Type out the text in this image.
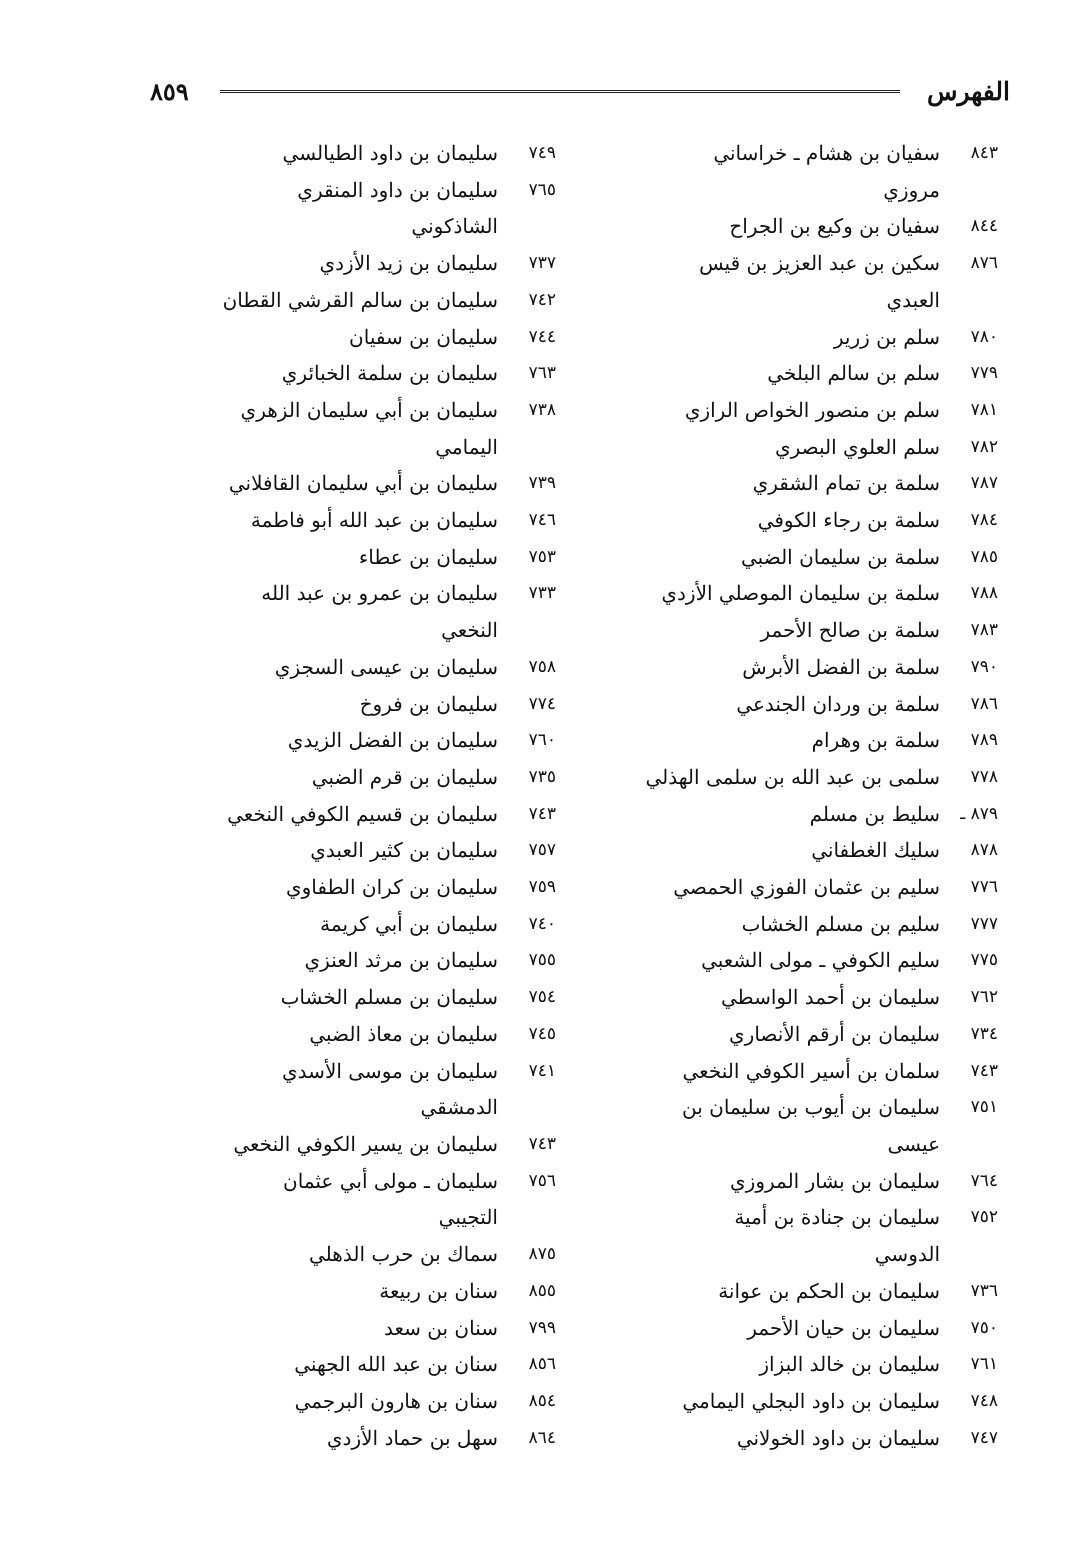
الفهرس
٨٥٩
٨٤٣
سفيان بن هشام ـ خراساني
مروزي
٨٤٤
سفيان بن وكيع بن الجراح
٨٧٦
سكين بن عبد العزيز بن قيس
العبدي
٧٨٠
سلم بن زرير
٧٧٩
سلم بن سالم البلخي
٧٨١
سلم بن منصور الخواص الرازي
٧٨٢
سلم العلوي البصري
٧٨٧
سلمة بن تمام الشقري
٧٨٤
سلمة بن رجاء الكوفي
٧٨٥
سلمة بن سليمان الضبي
٧٨٨
سلمة بن سليمان الموصلي الأزدي
٧٨٣
سلمة بن صالح الأحمر
٧٩٠
سلمة بن الفضل الأبرش
٧٨٦
سلمة بن وردان الجندعي
٧٨٩
سلمة بن وهرام
٧٧٨
سلمى بن عبد الله بن سلمى الهذلي
٨٧٩ ـ
سليط بن مسلم
٨٧٨
سليك الغطفاني
٧٧٦
سليم بن عثمان الفوزي الحمصي
٧٧٧
سليم بن مسلم الخشاب
٧٧٥
سليم الكوفي ـ مولى الشعبي
٧٦٢
سليمان بن أحمد الواسطي
٧٣٤
سليمان بن أرقم الأنصاري
٧٤٣
سلمان بن أسير الكوفي النخعي
٧٥١
سليمان بن أيوب بن سليمان بن
عيسى
٧٦٤
سليمان بن بشار المروزي
٧٥٢
سليمان بن جنادة بن أمية
الدوسي
٧٣٦
سليمان بن الحكم بن عوانة
٧٥٠
سليمان بن حيان الأحمر
٧٦١
سليمان بن خالد البزاز
٧٤٨
سليمان بن داود البجلي اليمامي
٧٤٧
سليمان بن داود الخولاني
٧٤٩
سليمان بن داود الطيالسي
٧٦٥
سليمان بن داود المنقري
الشاذكوني
٧٣٧
سليمان بن زيد الأزدي
٧٤٢
سليمان بن سالم القرشي القطان
٧٤٤
سليمان بن سفيان
٧٦٣
سليمان بن سلمة الخبائري
٧٣٨
سليمان بن أبي سليمان الزهري
اليمامي
٧٣٩
سليمان بن أبي سليمان القافلاني
٧٤٦
سليمان بن عبد الله أبو فاطمة
٧٥٣
سليمان بن عطاء
٧٣٣
سليمان بن عمرو بن عبد الله
النخعي
٧٥٨
سليمان بن عيسى السجزي
٧٧٤
سليمان بن فروخ
٧٦٠
سليمان بن الفضل الزيدي
٧٣٥
سليمان بن قرم الضبي
٧٤٣
سليمان بن قسيم الكوفي النخعي
٧٥٧
سليمان بن كثير العبدي
٧٥٩
سليمان بن كران الطفاوي
٧٤٠
سليمان بن أبي كريمة
٧٥٥
سليمان بن مرثد العنزي
٧٥٤
سليمان بن مسلم الخشاب
٧٤٥
سليمان بن معاذ الضبي
٧٤١
سليمان بن موسى الأسدي
الدمشقي
٧٤٣
سليمان بن يسير الكوفي النخعي
٧٥٦
سليمان ـ مولى أبي عثمان
التجيبي
٨٧٥
سماك بن حرب الذهلي
٨٥٥
سنان بن ربيعة
٧٩٩
سنان بن سعد
٨٥٦
سنان بن عبد الله الجهني
٨٥٤
سنان بن هارون البرجمي
٨٦٤
سهل بن حماد الأزدي
